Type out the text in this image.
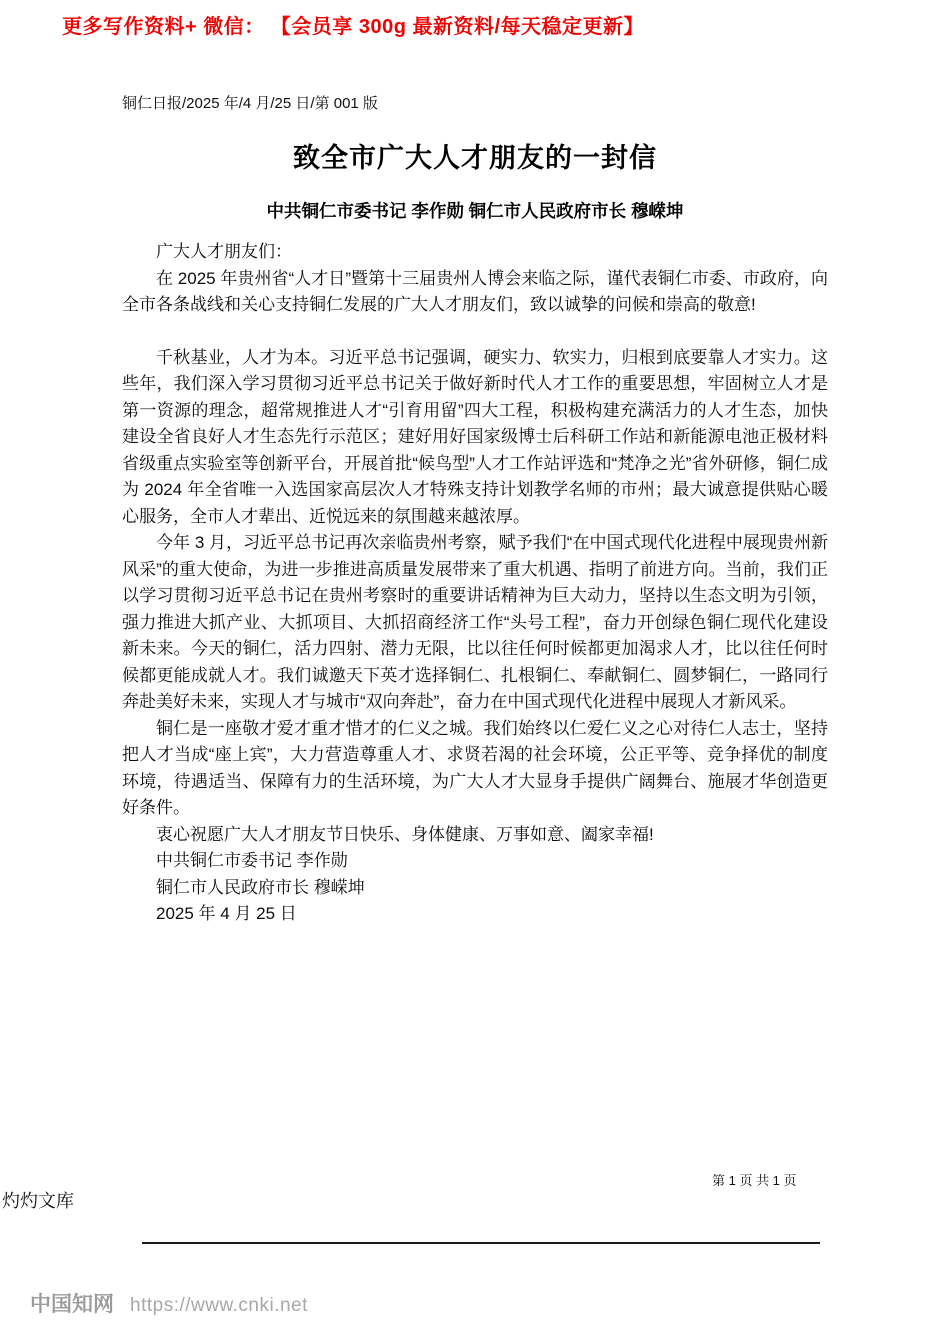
更多写作资料+ 微信： 【会员享 300g 最新资料/每天稳定更新】
铜仁日报/2025 年/4 月/25 日/第 001 版
致全市广大人才朋友的一封信
中共铜仁市委书记 李作勋 铜仁市人民政府市长 穆嵘坤

广大人才朋友们：

在 2025 年贵州省“人才日”暨第十三届贵州人博会来临之际，谨代表铜仁市委、市政府，向全市各条战线和关心支持铜仁发展的广大人才朋友们，致以诚挚的问候和崇高的敬意!

千秋基业，人才为本。习近平总书记强调，硬实力、软实力，归根到底要靠人才实力。这些年，我们深入学习贯彻习近平总书记关于做好新时代人才工作的重要思想，牢固树立人才是第一资源的理念，超常规推进人才“引育用留”四大工程，积极构建充满活力的人才生态，加快建设全省良好人才生态先行示范区；建好用好国家级博士后科研工作站和新能源电池正极材料省级重点实验室等创新平台，开展首批“候鸟型”人才工作站评选和“梵净之光”省外研修，铜仁成为 2024 年全省唯一入选国家高层次人才特殊支持计划教学名师的市州；最大诚意提供贴心暖心服务，全市人才辈出、近悦远来的氛围越来越浓厚。

今年 3 月，习近平总书记再次亲临贵州考察，赋予我们“在中国式现代化进程中展现贵州新风采”的重大使命，为进一步推进高质量发展带来了重大机遇、指明了前进方向。当前，我们正以学习贯彻习近平总书记在贵州考察时的重要讲话精神为巨大动力，坚持以生态文明为引领，强力推进大抓产业、大抓项目、大抓招商经济工作“头号工程”，奋力开创绿色铜仁现代化建设新未来。今天的铜仁，活力四射、潜力无限，比以往任何时候都更加渴求人才，比以往任何时候都更能成就人才。我们诚邀天下英才选择铜仁、扎根铜仁、奉献铜仁、圆梦铜仁，一路同行奔赴美好未来，实现人才与城市“双向奔赴”，奋力在中国式现代化进程中展现人才新风采。

铜仁是一座敬才爱才重才惜才的仁义之城。我们始终以仁爱仁义之心对待仁人志士，坚持把人才当成“座上宾”，大力营造尊重人才、求贤若渴的社会环境，公正平等、竞争择优的制度环境，待遇适当、保障有力的生活环境，为广大人才大显身手提供广阔舞台、施展才华创造更好条件。

衷心祝愿广大人才朋友节日快乐、身体健康、万事如意、阖家幸福!

中共铜仁市委书记 李作勋

铜仁市人民政府市长 穆嵘坤

2025 年 4 月 25 日

第 1 页 共 1 页
灼灼文库
中国知网 https://www.cnki.net
